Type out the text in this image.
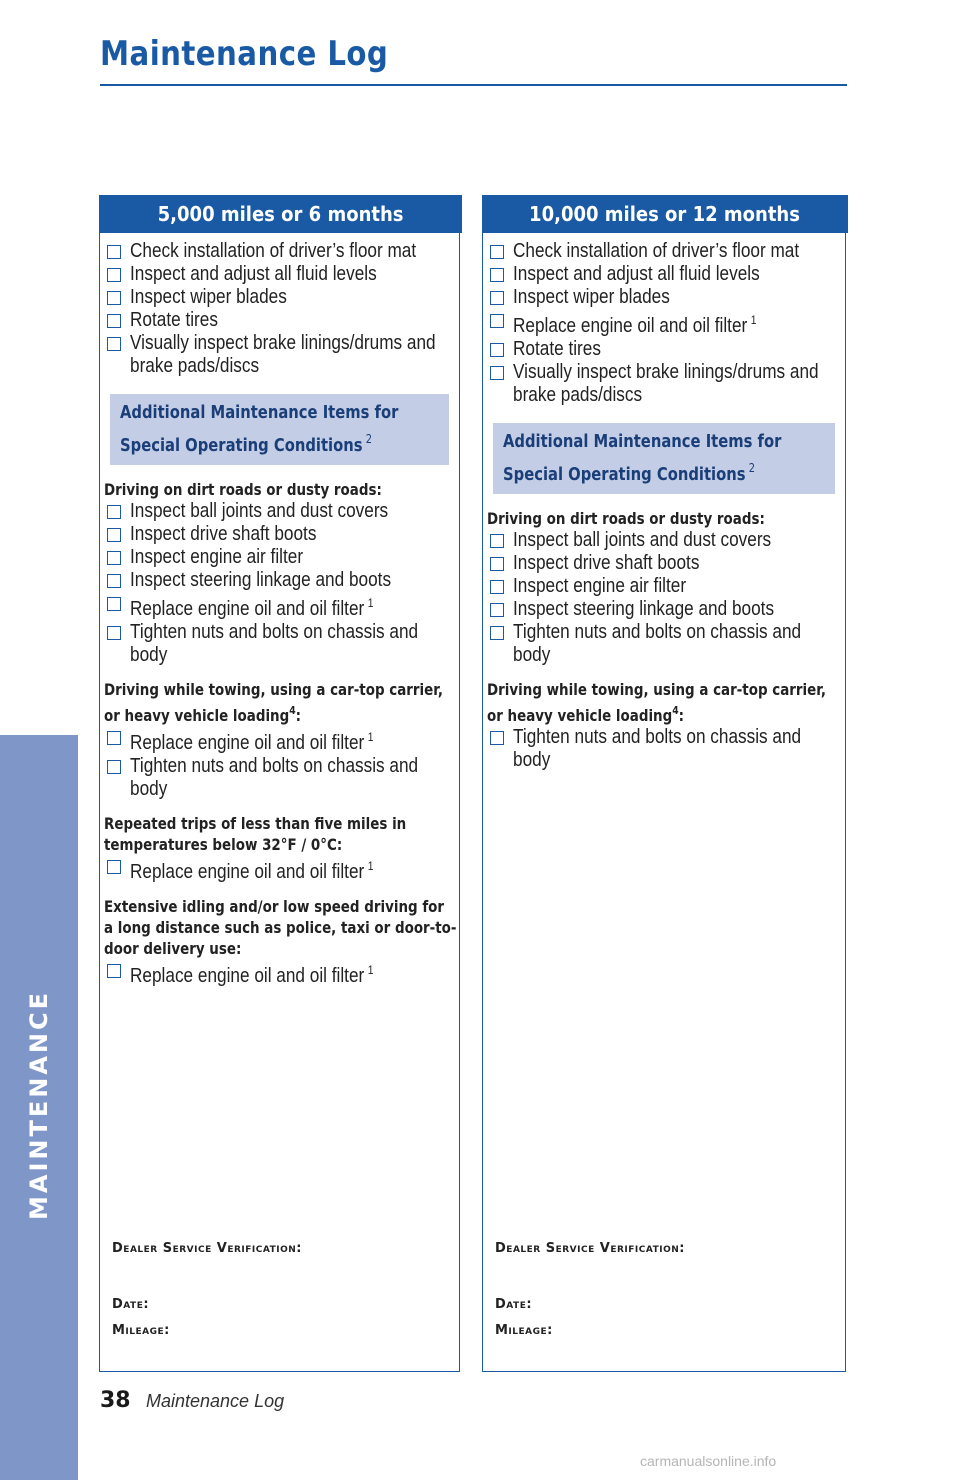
Maintenance Log
MAINTENANCE
5,000 miles or 6 months
Check installation of driver’s floor mat
Inspect and adjust all fluid levels
Inspect wiper blades
Rotate tires
Visually inspect brake linings/drums and
brake pads/discs
Additional Maintenance Items for
Special Operating Conditions $^2$
Driving on dirt roads or dusty roads:
Inspect ball joints and dust covers
Inspect drive shaft boots
Inspect engine air filter
Inspect steering linkage and boots
Replace engine oil and oil filter $^1$
Tighten nuts and bolts on chassis and
body
Driving while towing, using a car-top carrier, or heavy vehicle loading$^4$:
Replace engine oil and oil filter $^1$
Tighten nuts and bolts on chassis and
body
Repeated trips of less than five miles in temperatures below 32°F / 0°C:
Replace engine oil and oil filter $^1$
Extensive idling and/or low speed driving for a long distance such as police, taxi or door-to-door delivery use:
Replace engine oil and oil filter $^1$
Dealer Service Verification:
Date:
Mileage:
10,000 miles or 12 months
Check installation of driver’s floor mat
Inspect and adjust all fluid levels
Inspect wiper blades
Replace engine oil and oil filter $^1$
Rotate tires
Visually inspect brake linings/drums and
brake pads/discs
Additional Maintenance Items for
Special Operating Conditions $^2$
Driving on dirt roads or dusty roads:
Inspect ball joints and dust covers
Inspect drive shaft boots
Inspect engine air filter
Inspect steering linkage and boots
Tighten nuts and bolts on chassis and
body
Driving while towing, using a car-top carrier, or heavy vehicle loading$^4$:
Tighten nuts and bolts on chassis and
body
Dealer Service Verification:
Date:
Mileage:
38 Maintenance Log
carmanualsonline.info
